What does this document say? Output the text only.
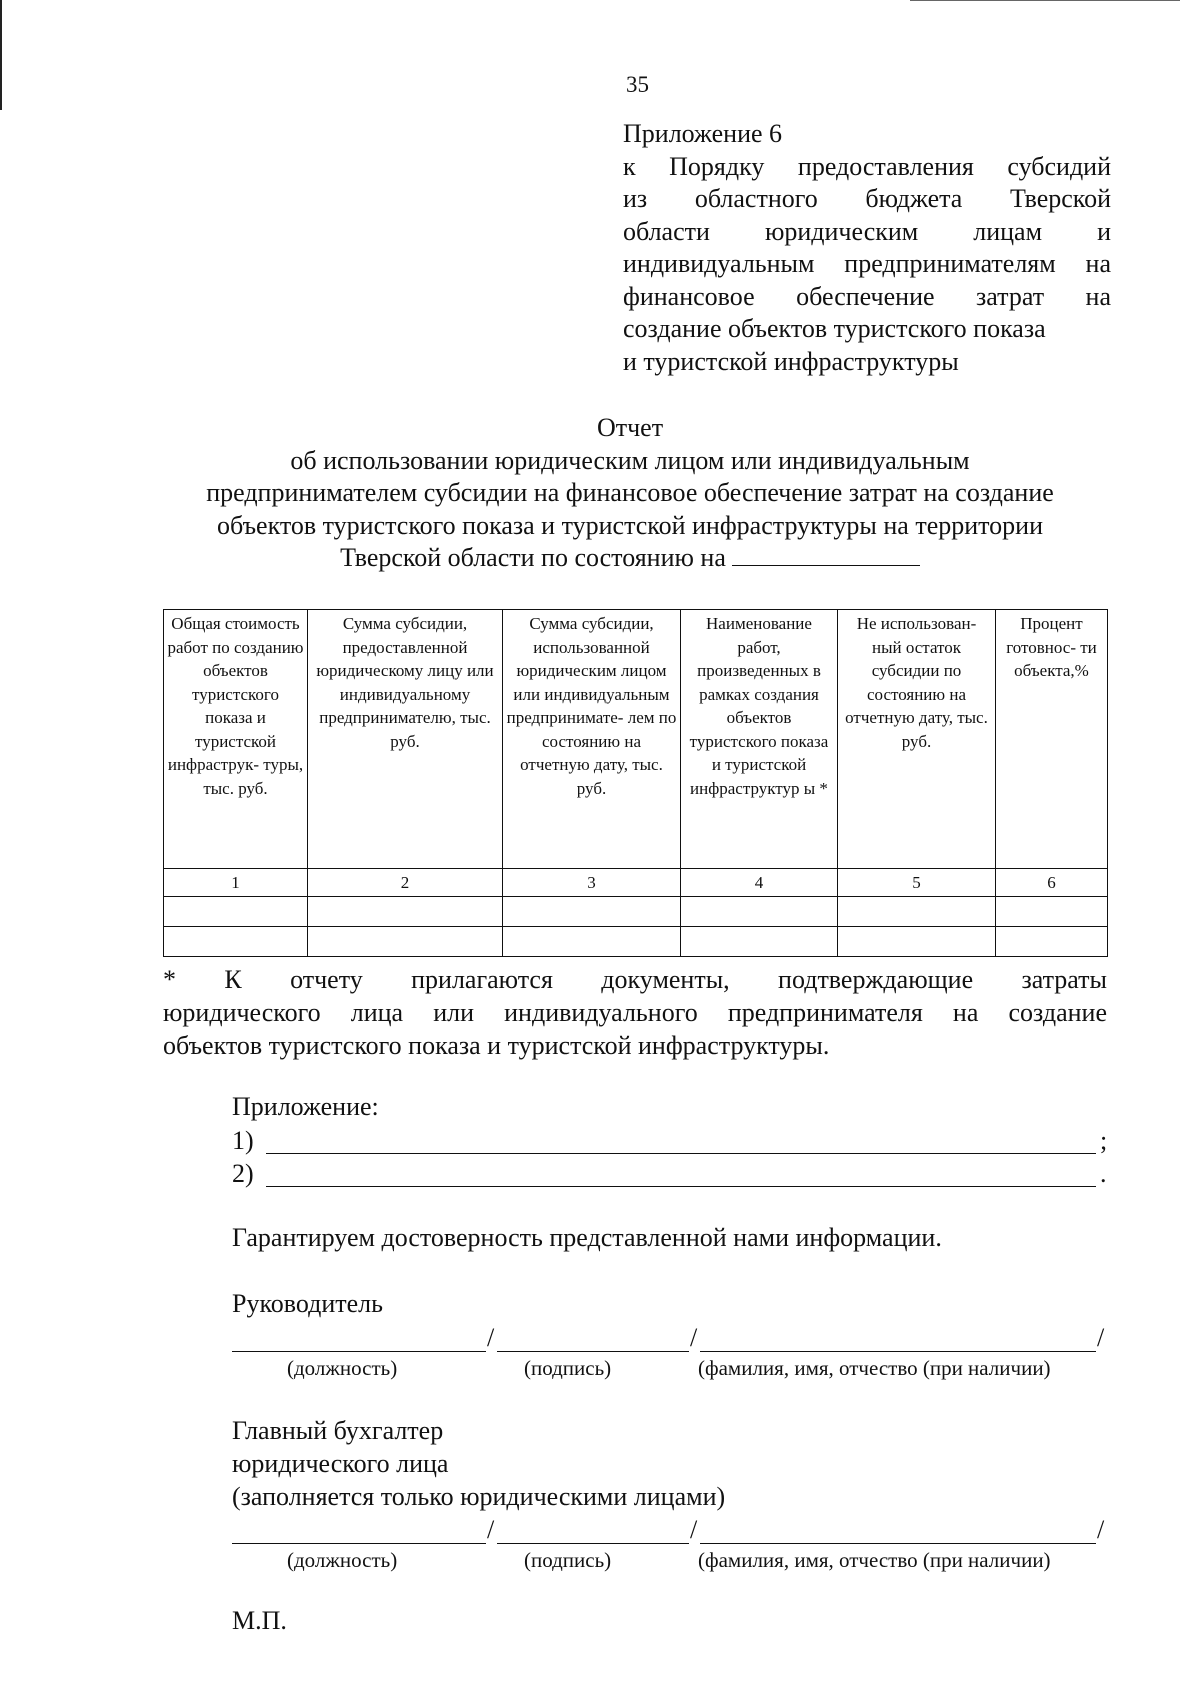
35
Приложение 6
к Порядку предоставления субсидий
из областного бюджета Тверской
области юридическим лицам и
индивидуальным предпринимателям на
финансовое обеспечение затрат на
создание объектов туристского показа
и туристской инфраструктуры
Отчет
об использовании юридическим лицом или индивидуальным
предпринимателем субсидии на финансовое обеспечение затрат на создание
объектов туристского показа и туристской инфраструктуры на территории
Тверской области по состоянию на
Общая стоимость работ по созданию объектов туристского показа и туристской инфраструк- туры, тыс. руб.	Сумма субсидии, предоставленной юридическому лицу или индивидуальному предпринимателю, тыс. руб.	Сумма субсидии, использованной юридическим лицом или индивидуальным предпринимате- лем по состоянию на отчетную дату, тыс. руб.	Наименование работ, произведенных в рамках создания объектов туристского показа и туристской инфраструктур ы *	Не использован- ный остаток субсидии по состоянию на отчетную дату, тыс. руб.	Процент готовнос- ти объекта,%
1	2	3	4	5	6

* К отчету прилагаются документы, подтверждающие затраты
юридического лица или индивидуального предпринимателя на создание
объектов туристского показа и туристской инфраструктуры.
Приложение:
1)	;
2)	.
Гарантируем достоверность представленной нами информации.
Руководитель
/	/	/
(должность)	(подпись)	(фамилия, имя, отчество (при наличии)
Главный бухгалтер
юридического лица
(заполняется только юридическими лицами)
/	/	/
(должность)	(подпись)	(фамилия, имя, отчество (при наличии)
М.П.
